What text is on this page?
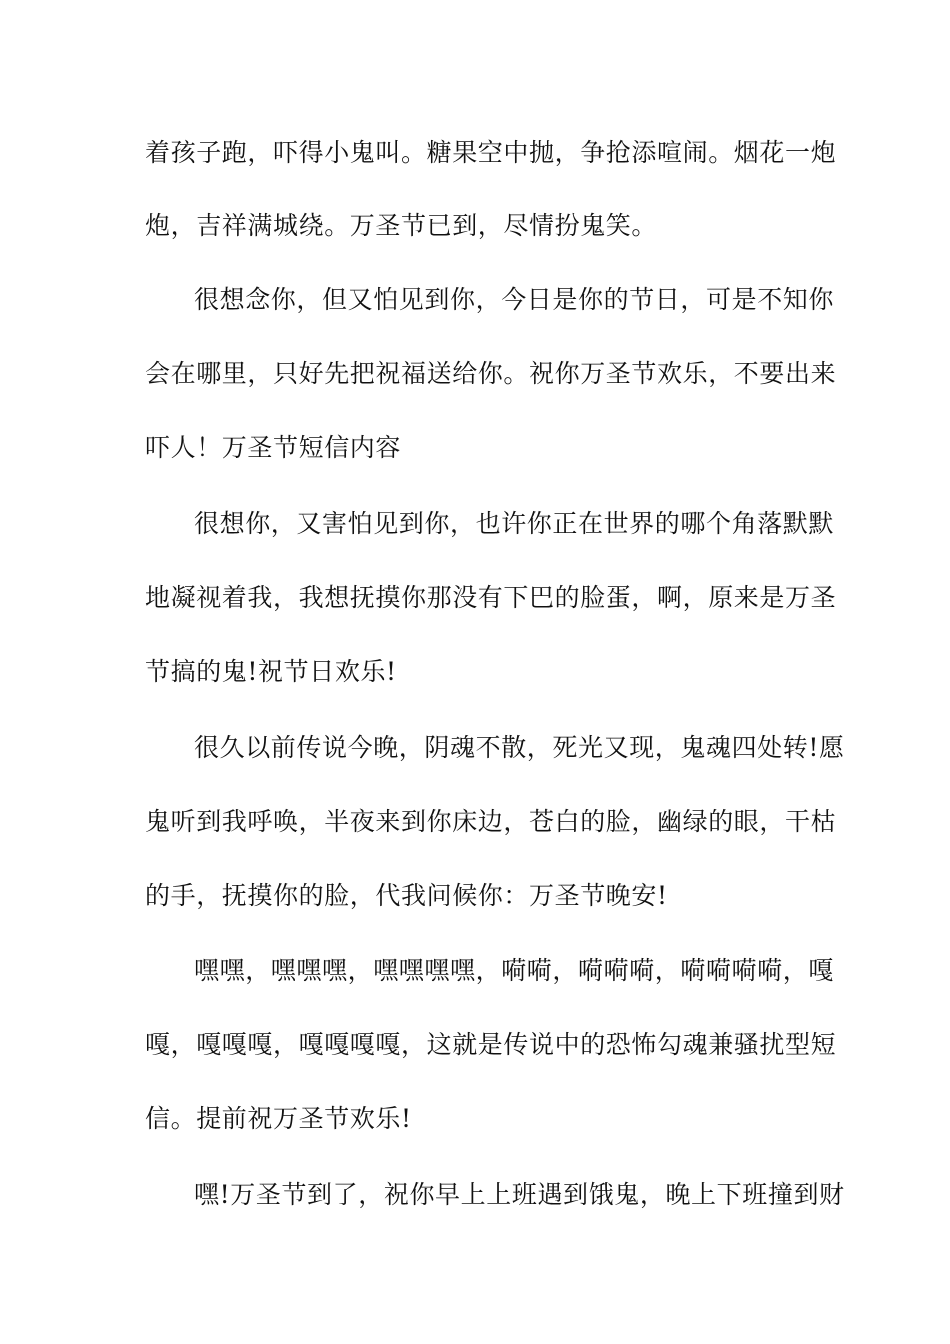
着孩子跑，吓得小鬼叫。糖果空中抛，争抢添喧闹。烟花一炮
炮，吉祥满城绕。万圣节已到，尽情扮鬼笑。
很想念你，但又怕见到你，今日是你的节日，可是不知你
会在哪里，只好先把祝福送给你。祝你万圣节欢乐，不要出来
吓人！万圣节短信内容
很想你，又害怕见到你，也许你正在世界的哪个角落默默
地凝视着我，我想抚摸你那没有下巴的脸蛋，啊，原来是万圣
节搞的鬼!祝节日欢乐!
很久以前传说今晚，阴魂不散，死光又现，鬼魂四处转!愿
鬼听到我呼唤，半夜来到你床边，苍白的脸，幽绿的眼，干枯
的手，抚摸你的脸，代我问候你：万圣节晚安!
嘿嘿，嘿嘿嘿，嘿嘿嘿嘿，嗬嗬，嗬嗬嗬，嗬嗬嗬嗬，嘎
嘎，嘎嘎嘎，嘎嘎嘎嘎，这就是传说中的恐怖勾魂兼骚扰型短
信。提前祝万圣节欢乐!
嘿!万圣节到了，祝你早上上班遇到饿鬼，晚上下班撞到财
